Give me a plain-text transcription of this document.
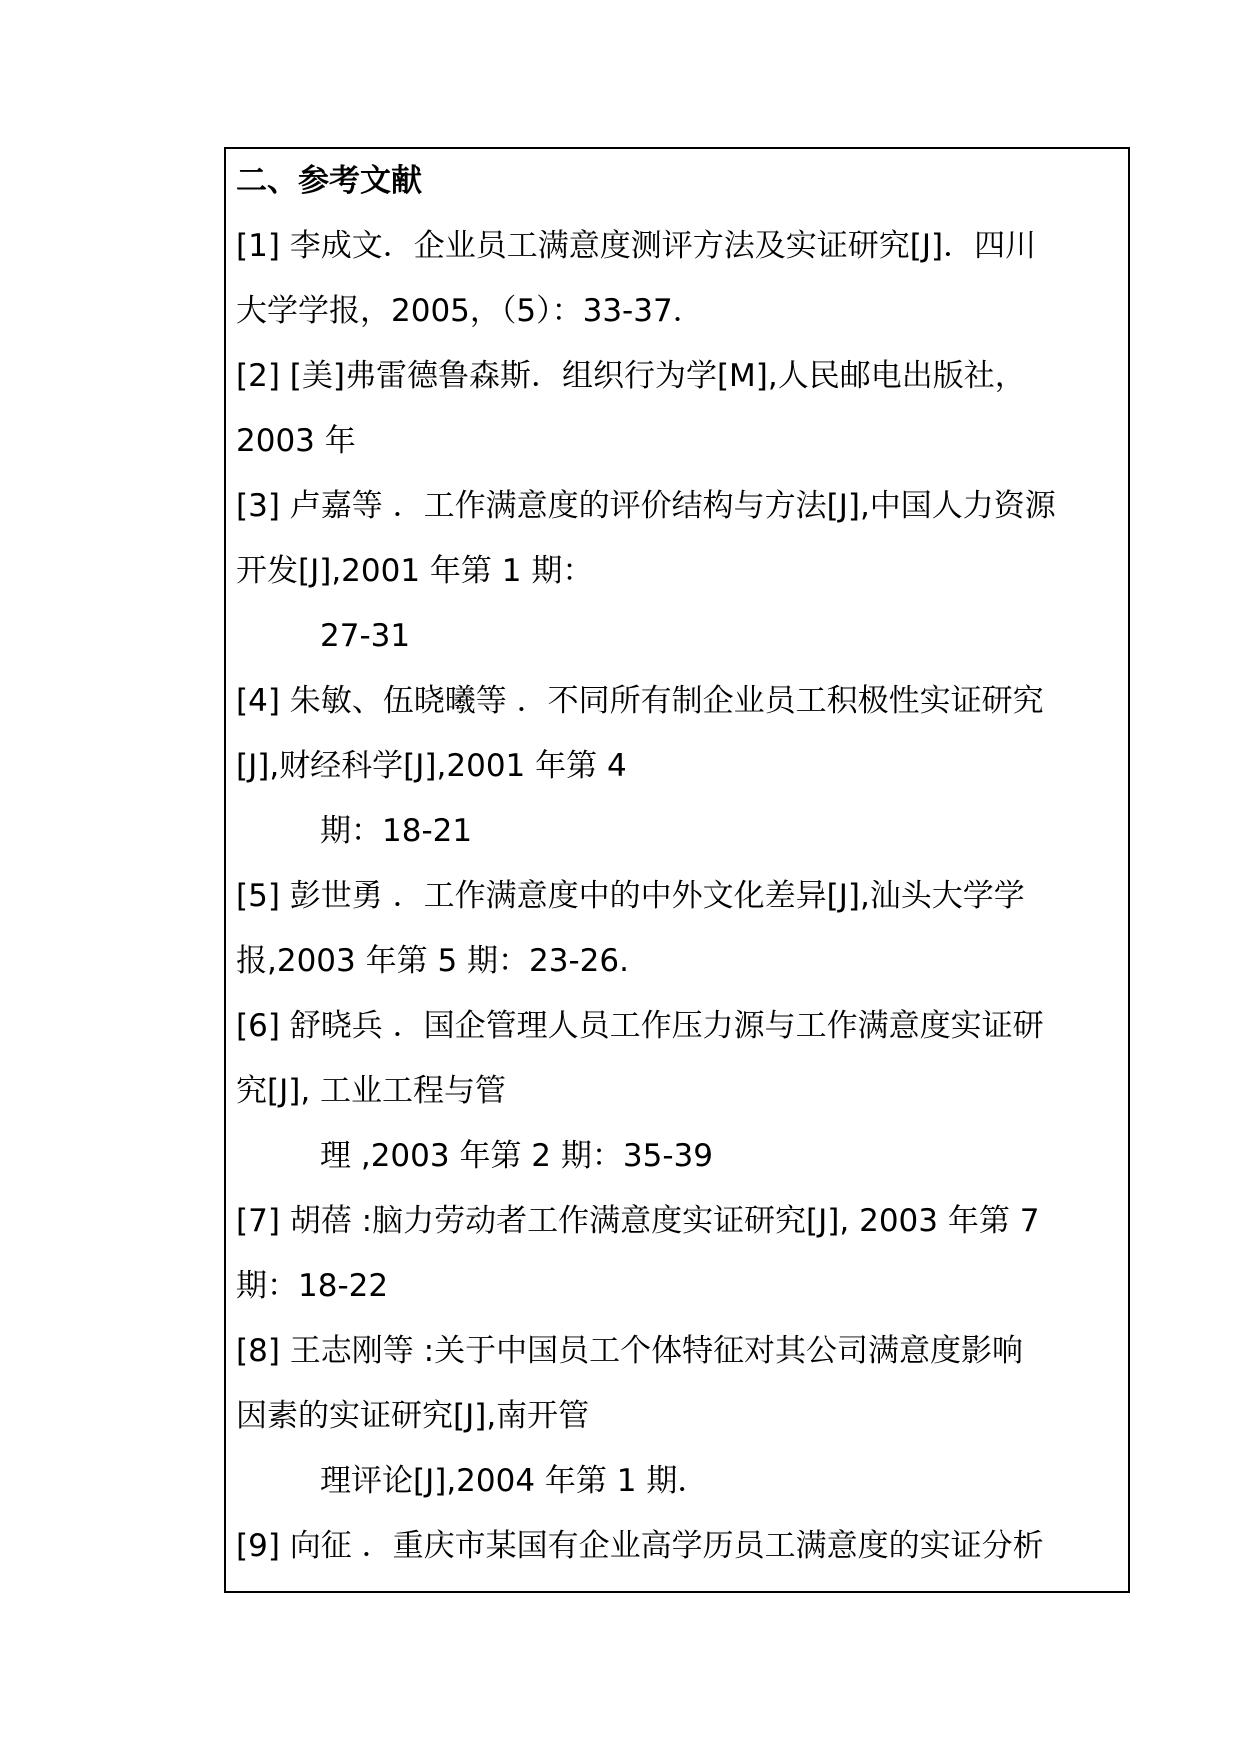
二、参考文献
[1] 李成文．企业员工满意度测评方法及实证研究[J]．四川
大学学报，2005，（5）：33-37．
[2] [美]弗雷德鲁森斯．组织行为学[M],人民邮电出版社，
2003 年
[3] 卢嘉等 ．工作满意度的评价结构与方法[J],中国人力资源
开发[J],2001 年第 1 期：
27-31
[4] 朱敏、伍晓曦等 ．不同所有制企业员工积极性实证研究
[J],财经科学[J],2001 年第 4
期：18-21
[5] 彭世勇 ．工作满意度中的中外文化差异[J],汕头大学学
报,2003 年第 5 期：23-26.
[6] 舒晓兵 ．国企管理人员工作压力源与工作满意度实证研
究[J], 工业工程与管
理 ,2003 年第 2 期：35-39
[7] 胡蓓 :脑力劳动者工作满意度实证研究[J], 2003 年第 7
期：18-22
[8] 王志刚等 :关于中国员工个体特征对其公司满意度影响
因素的实证研究[J],南开管
理评论[J],2004 年第 1 期．
[9] 向征 ．重庆市某国有企业高学历员工满意度的实证分析
